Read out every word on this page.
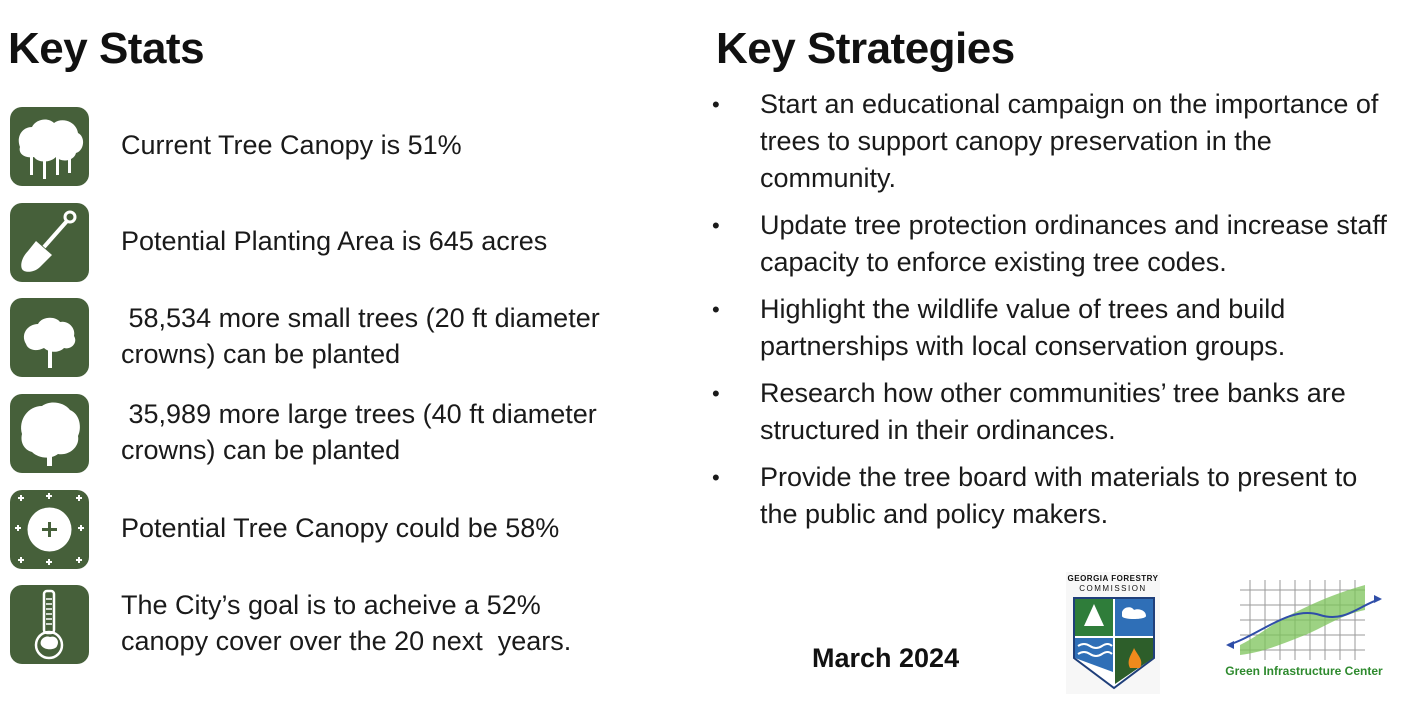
Key Stats	Key Strategies
Current Tree Canopy is 51%
Potential Planting Area is 645 acres
58,534 more small trees (20 ft diameter
crowns) can be planted
35,989 more large trees (40 ft diameter
crowns) can be planted
Potential Tree Canopy could be 58%
The City’s goal is to acheive a 52%
canopy cover over the 20 next  years.
• Start an educational campaign on the importance of trees to support canopy preservation in the community.
• Update tree protection ordinances and increase staff capacity to enforce existing tree codes.
• Highlight the wildlife value of trees and build partnerships with local conservation groups.
• Research how other communities’ tree banks are structured in their ordinances.
• Provide the tree board with materials to present to the public and policy makers.
March 2024
GEORGIA FORESTRY
COMMISSION
Green Infrastructure Center
